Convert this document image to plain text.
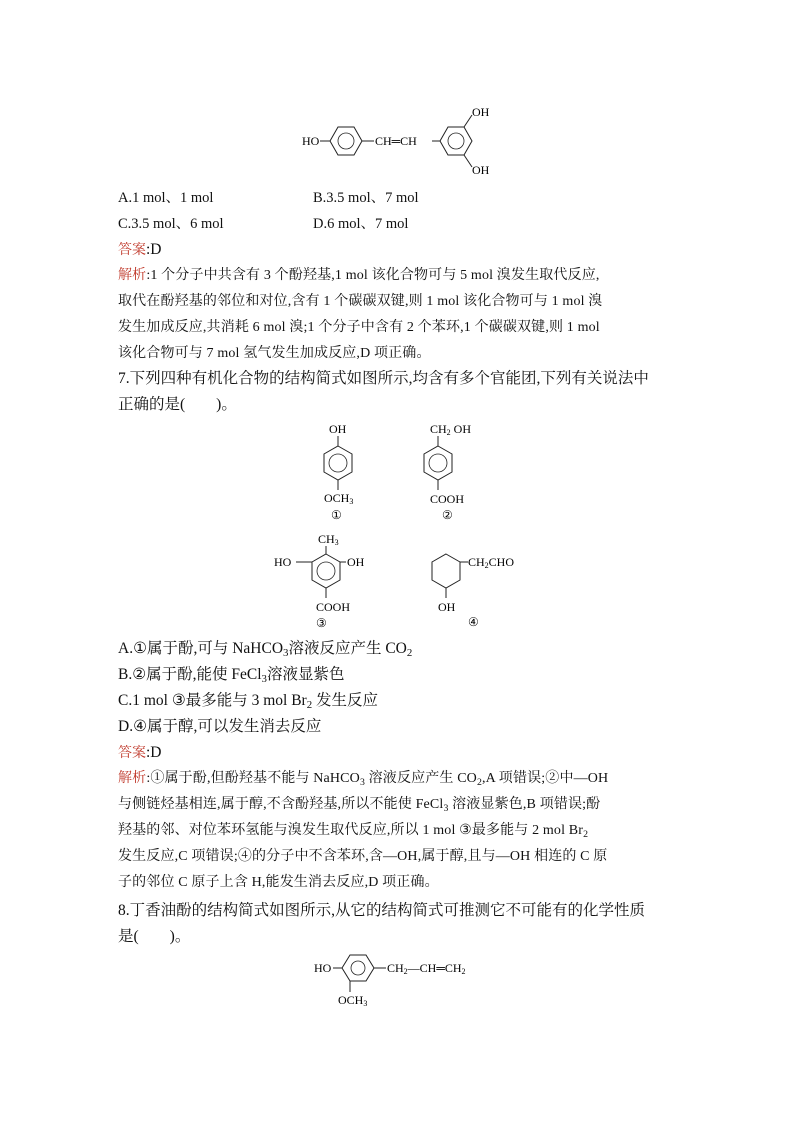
HO	CH═CH
OH
OH
A.1 mol、1 mol	B.3.5 mol、7 mol
C.3.5 mol、6 mol	D.6 mol、7 mol
答案:D
解析:1 个分子中共含有 3 个酚羟基,1 mol 该化合物可与 5 mol 溴发生取代反应,
取代在酚羟基的邻位和对位,含有 1 个碳碳双键,则 1 mol 该化合物可与 1 mol 溴
发生加成反应,共消耗 6 mol 溴;1 个分子中含有 2 个苯环,1 个碳碳双键,则 1 mol
该化合物可与 7 mol 氢气发生加成反应,D 项正确。
7.下列四种有机化合物的结构简式如图所示,均含有多个官能团,下列有关说法中
正确的是(　　)。
OH
OCH3
①
CH2 OH
COOH
②
CH3
HO	OH
COOH
③
CH2CHO
OH
④
A.①属于酚,可与 NaHCO$_3$溶液反应产生 $CO_2$
B.②属于酚,能使 FeCl$_3$溶液显紫色
C.1 mol ③最多能与 3 mol $Br_2$ 发生反应
D.④属于醇,可以发生消去反应
答案:D
解析:①属于酚,但酚羟基不能与 NaHCO$_3$ 溶液反应产生 $CO_2,A$ 项错误;②中—OH
与侧链烃基相连,属于醇,不含酚羟基,所以不能使 FeCl$_3$ 溶液显紫色,B 项错误;酚
羟基的邻、对位苯环氢能与溴发生取代反应,所以 1 mol ③最多能与 2 mol $Br_2$
发生反应,C 项错误;④的分子中不含苯环,含—OH,属于醇,且与—OH 相连的 C 原
子的邻位 C 原子上含 H,能发生消去反应,D 项正确。
8.丁香油酚的结构简式如图所示,从它的结构简式可推测它不可能有的化学性质
是(　　)。
HO	CH2—CH═CH2
OCH3
